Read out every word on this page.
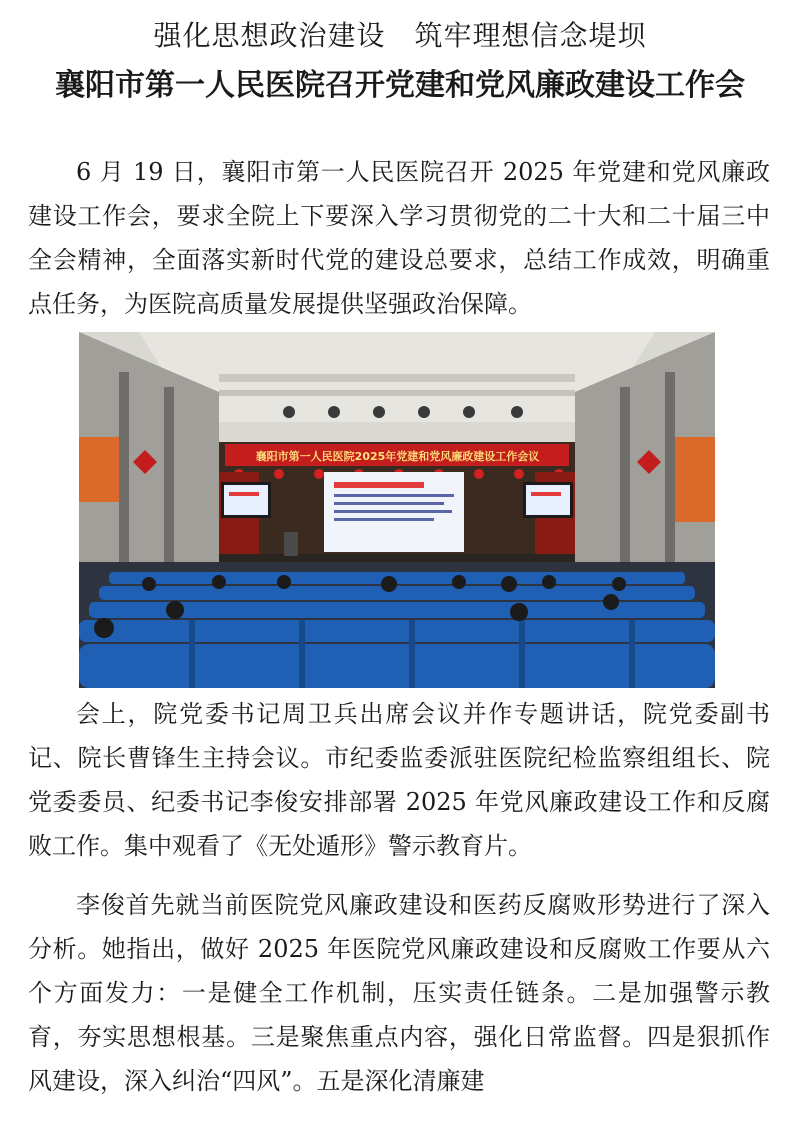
强化思想政治建设　筑牢理想信念堤坝
襄阳市第一人民医院召开党建和党风廉政建设工作会

6 月 19 日，襄阳市第一人民医院召开 2025 年党建和党风廉政建设工作会，要求全院上下要深入学习贯彻党的二十大和二十届三中全会精神，全面落实新时代党的建设总要求，总结工作成效，明确重点任务，为医院高质量发展提供坚强政治保障。

襄阳市第一人民医院2025年党建和党风廉政建设工作会议

会上，院党委书记周卫兵出席会议并作专题讲话，院党委副书记、院长曹锋生主持会议。市纪委监委派驻医院纪检监察组组长、院党委委员、纪委书记李俊安排部署 2025 年党风廉政建设工作和反腐败工作。集中观看了《无处遁形》警示教育片。

李俊首先就当前医院党风廉政建设和医药反腐败形势进行了深入分析。她指出，做好 2025 年医院党风廉政建设和反腐败工作要从六个方面发力：一是健全工作机制，压实责任链条。二是加强警示教育，夯实思想根基。三是聚焦重点内容，强化日常监督。四是狠抓作风建设，深入纠治“四风”。五是深化清廉建
